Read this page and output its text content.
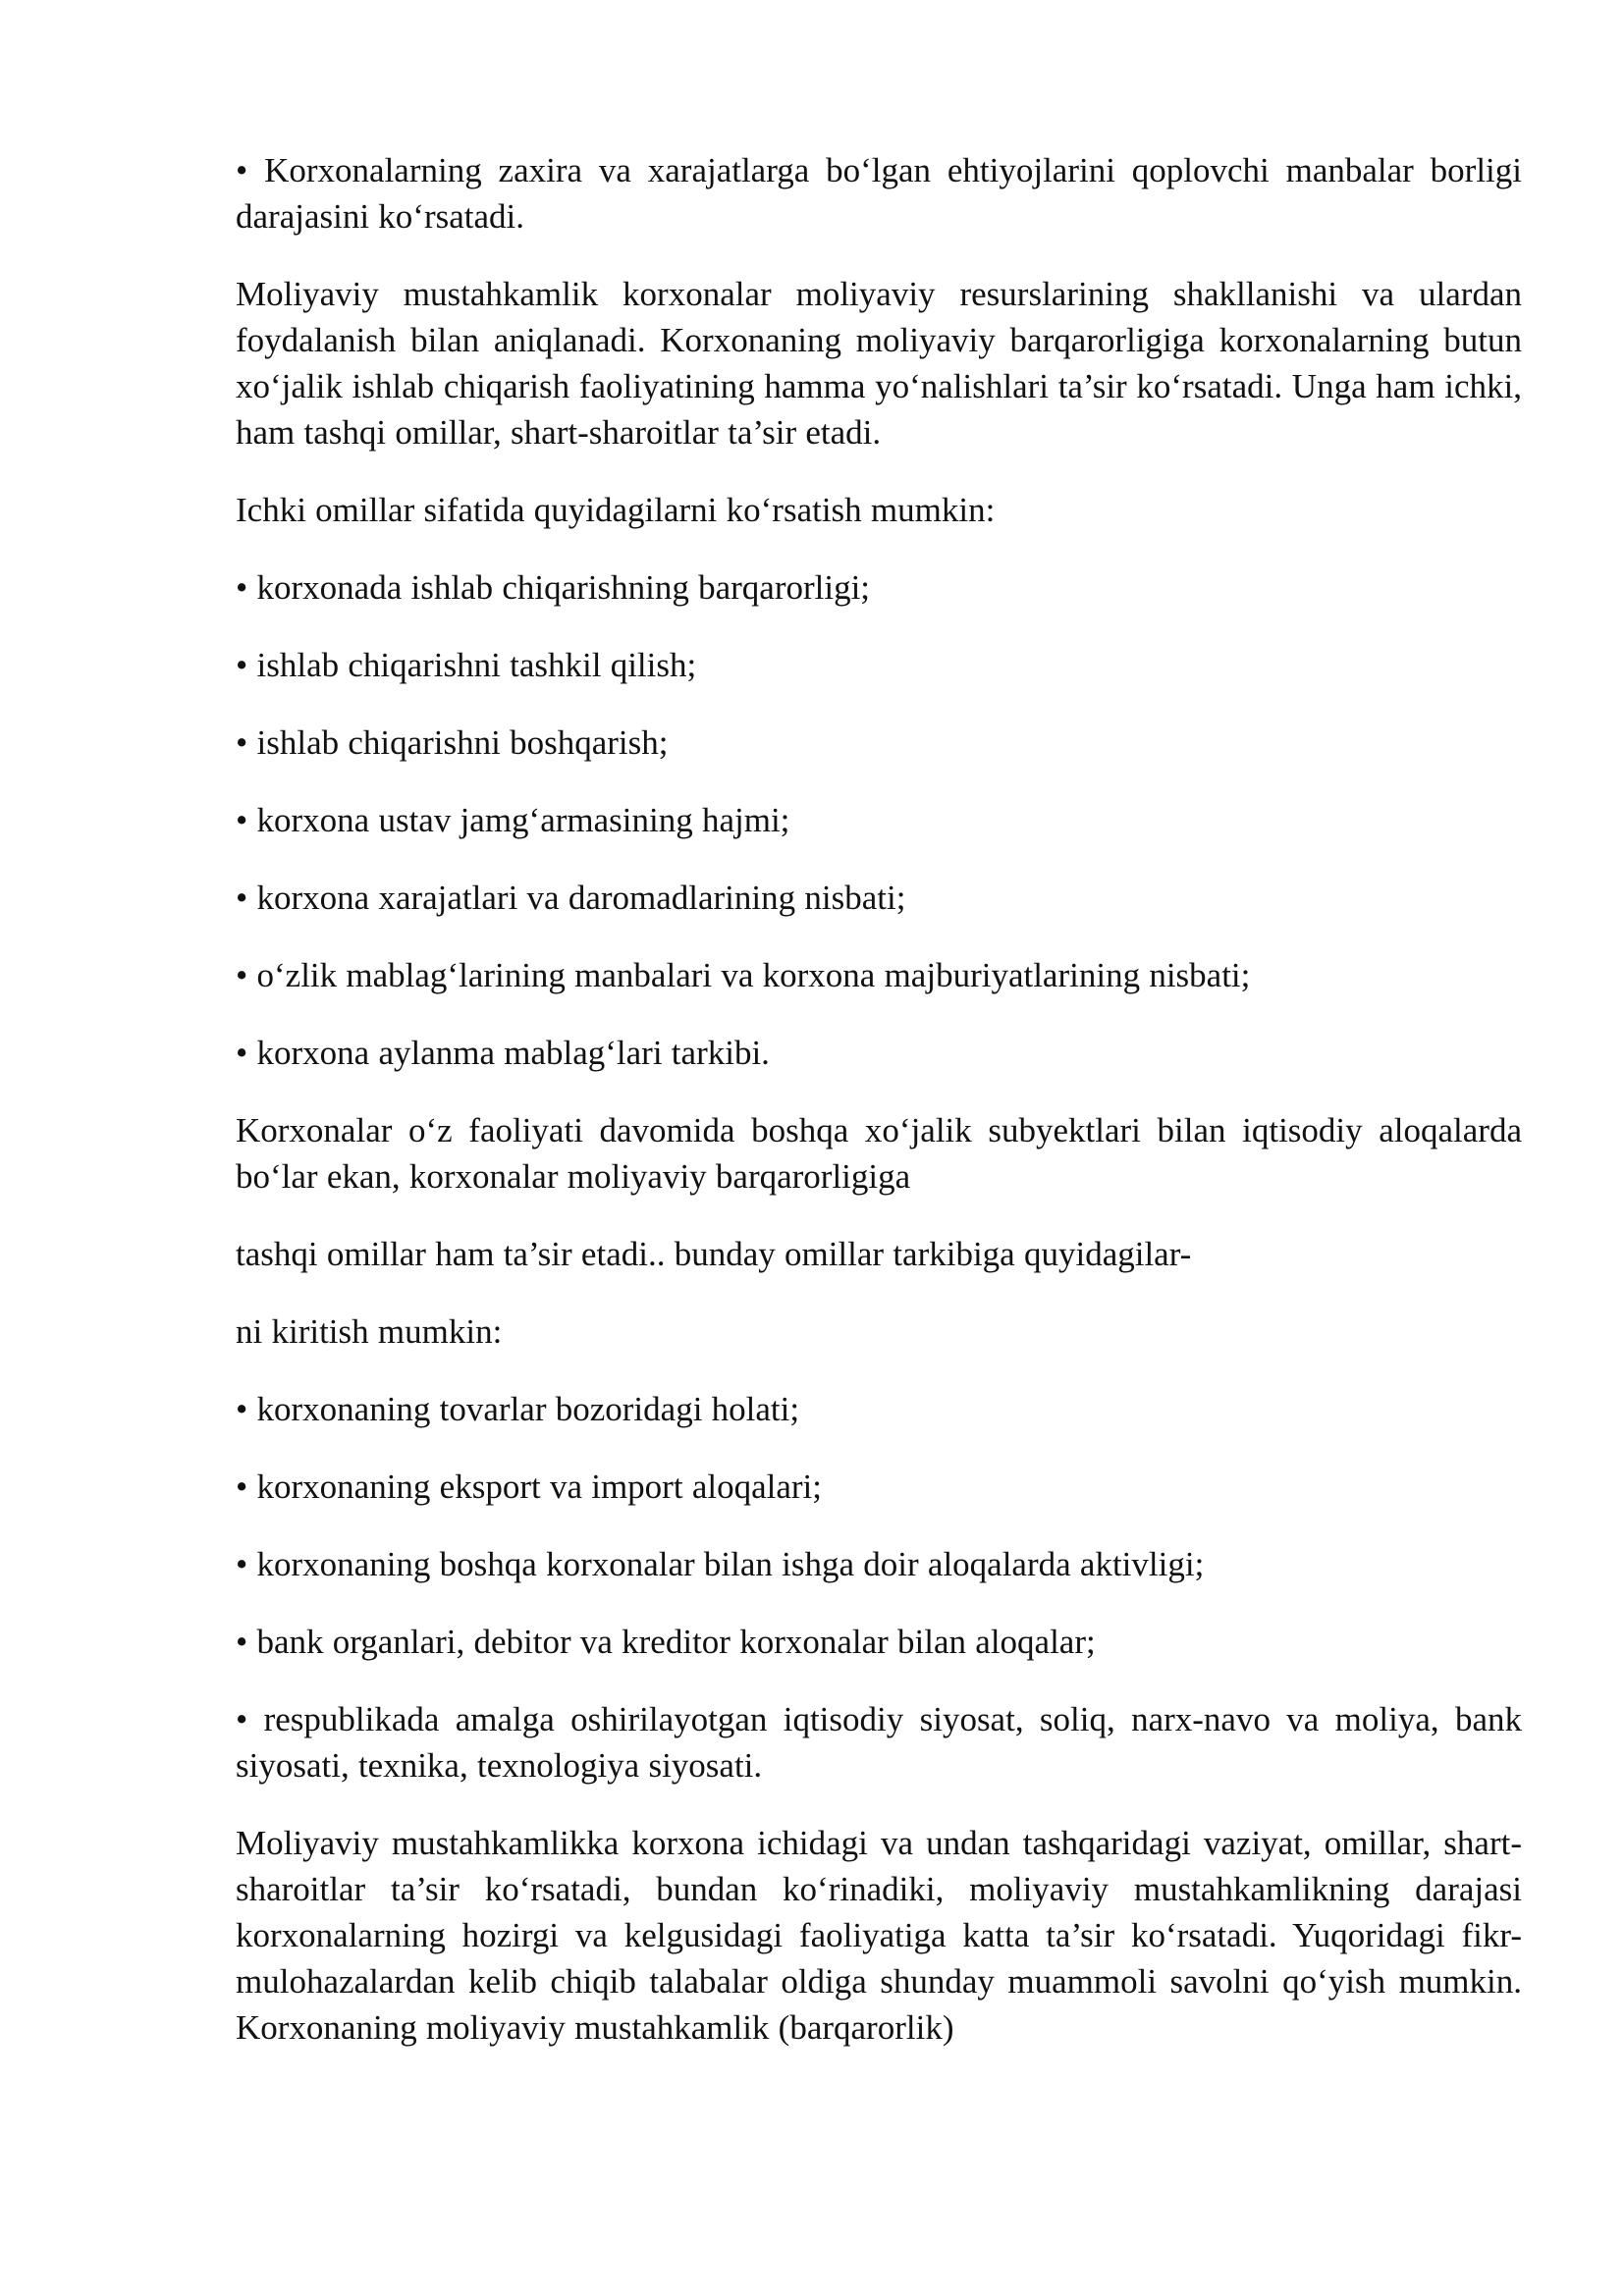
• Korxonalarning zaxira va xarajatlarga bo‘lgan ehtiyojlarini qoplovchi manbalar borligi darajasini ko‘rsatadi.

Moliyaviy mustahkamlik korxonalar moliyaviy resurslarining shakllanishi va ulardan foydalanish bilan aniqlanadi. Korxonaning moliyaviy barqarorligiga korxonalarning butun xo‘jalik ishlab chiqarish faoliyatining hamma yo‘nalishlari ta’sir ko‘rsatadi. Unga ham ichki, ham tashqi omillar, shart-sharoitlar ta’sir etadi.

Ichki omillar sifatida quyidagilarni ko‘rsatish mumkin:

• korxonada ishlab chiqarishning barqarorligi;

• ishlab chiqarishni tashkil qilish;

• ishlab chiqarishni boshqarish;

• korxona ustav jamg‘armasining hajmi;

• korxona xarajatlari va daromadlarining nisbati;

• o‘zlik mablag‘larining manbalari va korxona majburiyatlarining nisbati;

• korxona aylanma mablag‘lari tarkibi.

Korxonalar o‘z faoliyati davomida boshqa xo‘jalik subyektlari bilan iqtisodiy aloqalarda bo‘lar ekan, korxonalar moliyaviy barqarorligiga

tashqi omillar ham ta’sir etadi.. bunday omillar tarkibiga quyidagilar-

ni kiritish mumkin:

• korxonaning tovarlar bozoridagi holati;

• korxonaning eksport va import aloqalari;

• korxonaning boshqa korxonalar bilan ishga doir aloqalarda aktivligi;

• bank organlari, debitor va kreditor korxonalar bilan aloqalar;

• respublikada amalga oshirilayotgan iqtisodiy siyosat, soliq, narx-navo va moliya, bank siyosati, texnika, texnologiya siyosati.

Moliyaviy mustahkamlikka korxona ichidagi va undan tashqaridagi vaziyat, omillar, shart-sharoitlar ta’sir ko‘rsatadi, bundan ko‘rinadiki, moliyaviy mustahkamlikning darajasi korxonalarning hozirgi va kelgusidagi faoliyatiga katta ta’sir ko‘rsatadi. Yuqoridagi fikr-mulohazalardan kelib chiqib talabalar oldiga shunday muammoli savolni qo‘yish mumkin. Korxonaning moliyaviy mustahkamlik (barqarorlik)
